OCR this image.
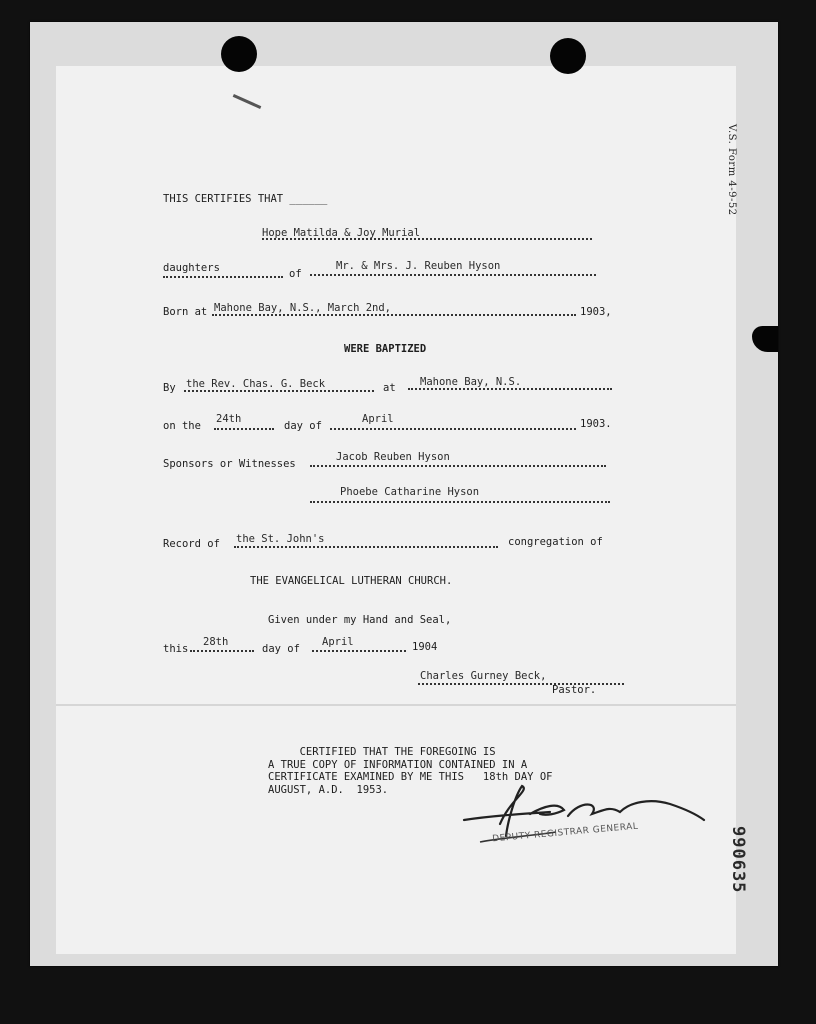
V.S. Form 4-9-52
990635
THIS CERTIFIES THAT ______
Hope Matilda & Joy Murial
daughters	of
Mr. & Mrs. J. Reuben Hyson
Born at Mahone Bay, N.S., March 2nd,	1903,
WERE BAPTIZED
By the Rev. Chas. G. Beck	at Mahone Bay, N.S.
on the
24th
day of
April	1903.
Sponsors or Witnesses
Jacob Reuben Hyson
Phoebe Catharine Hyson
Record of the St. John's	congregation of
THE EVANGELICAL LUTHERAN CHURCH.
Given under my Hand and Seal,
this
28th
day of
April	1904
Charles Gurney Beck,
Pastor.
CERTIFIED THAT THE FOREGOING IS
A TRUE COPY OF INFORMATION CONTAINED IN A
CERTIFICATE EXAMINED BY ME THIS   18th DAY OF
AUGUST, A.D.  1953.
DEPUTY REGISTRAR GENERAL
